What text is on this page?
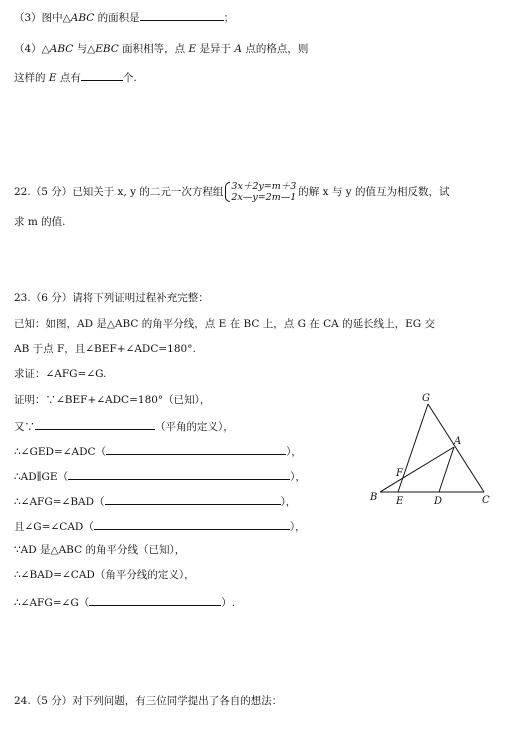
（3）图中△ABC 的面积是	；
（4）△ABC 与△EBC 面积相等，点 E 是异于 A 点的格点，则
这样的 E 点有	个.
22.（5 分）已知关于 x, y 的二元一次方程组 3x＋2y=m＋3
2x—y=2m—1 的解 x 与 y 的值互为相反数，试
求 m 的值.
23.（6 分）请将下列证明过程补充完整：
已知：如图，AD 是△ABC 的角平分线，点 E 在 BC 上，点 G 在 CA 的延长线上，EG 交
AB 于点 F，且∠BEF+∠ADC=180°.
求证：∠AFG=∠G.
证明：∵∠BEF+∠ADC=180°（已知），
又∵	（平角的定义），
∴∠GED=∠ADC（	），
∴AD∥GE（	），
∴∠AFG=∠BAD（	），
且∠G=∠CAD（	），
∵AD 是△ABC 的角平分线（已知），
∴∠BAD=∠CAD（角平分线的定义），
∴∠AFG=∠G（	）.
G
A
F
B E	D	C
24.（5 分）对下列问题，有三位同学提出了各自的想法：
